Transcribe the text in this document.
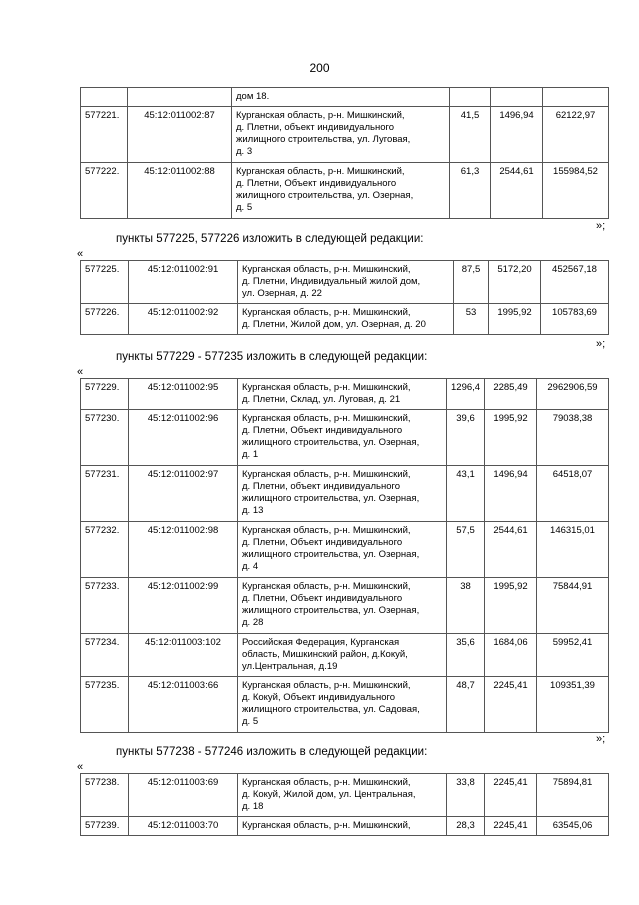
200
		дом 18.			
577221.	45:12:011002:87	Курганская область, р-н. Мишкинский,
д. Плетни, объект индивидуального
жилищного строительства, ул. Луговая,
д. 3	41,5	1496,94	62122,97
577222.	45:12:011002:88	Курганская область, р-н. Мишкинский,
д. Плетни, Объект индивидуального
жилищного строительства, ул. Озерная,
д. 5	61,3	2544,61	155984,52
»;
пункты 577225, 577226 изложить в следующей редакции:
«
577225.	45:12:011002:91	Курганская область, р-н. Мишкинский,
д. Плетни, Индивидуальный жилой дом,
ул. Озерная, д. 22	87,5	5172,20	452567,18
577226.	45:12:011002:92	Курганская область, р-н. Мишкинский,
д. Плетни, Жилой дом, ул. Озерная, д. 20	53	1995,92	105783,69
»;
пункты 577229 - 577235 изложить в следующей редакции:
«
577229.	45:12:011002:95	Курганская область, р-н. Мишкинский,
д. Плетни, Склад, ул. Луговая, д. 21	1296,4	2285,49	2962906,59
577230.	45:12:011002:96	Курганская область, р-н. Мишкинский,
д. Плетни, Объект индивидуального
жилищного строительства, ул. Озерная,
д. 1	39,6	1995,92	79038,38
577231.	45:12:011002:97	Курганская область, р-н. Мишкинский,
д. Плетни, объект индивидуального
жилищного строительства, ул. Озерная,
д. 13	43,1	1496,94	64518,07
577232.	45:12:011002:98	Курганская область, р-н. Мишкинский,
д. Плетни, Объект индивидуального
жилищного строительства, ул. Озерная,
д. 4	57,5	2544,61	146315,01
577233.	45:12:011002:99	Курганская область, р-н. Мишкинский,
д. Плетни, Объект индивидуального
жилищного строительства, ул. Озерная,
д. 28	38	1995,92	75844,91
577234.	45:12:011003:102	Российская Федерация, Курганская
область, Мишкинский район, д.Кокуй,
ул.Центральная, д.19	35,6	1684,06	59952,41
577235.	45:12:011003:66	Курганская область, р-н. Мишкинский,
д. Кокуй, Объект индивидуального
жилищного строительства, ул. Садовая,
д. 5	48,7	2245,41	109351,39
»;
пункты 577238 - 577246 изложить в следующей редакции:
«
577238.	45:12:011003:69	Курганская область, р-н. Мишкинский,
д. Кокуй, Жилой дом, ул. Центральная,
д. 18	33,8	2245,41	75894,81
577239.	45:12:011003:70	Курганская область, р-н. Мишкинский,	28,3	2245,41	63545,06
